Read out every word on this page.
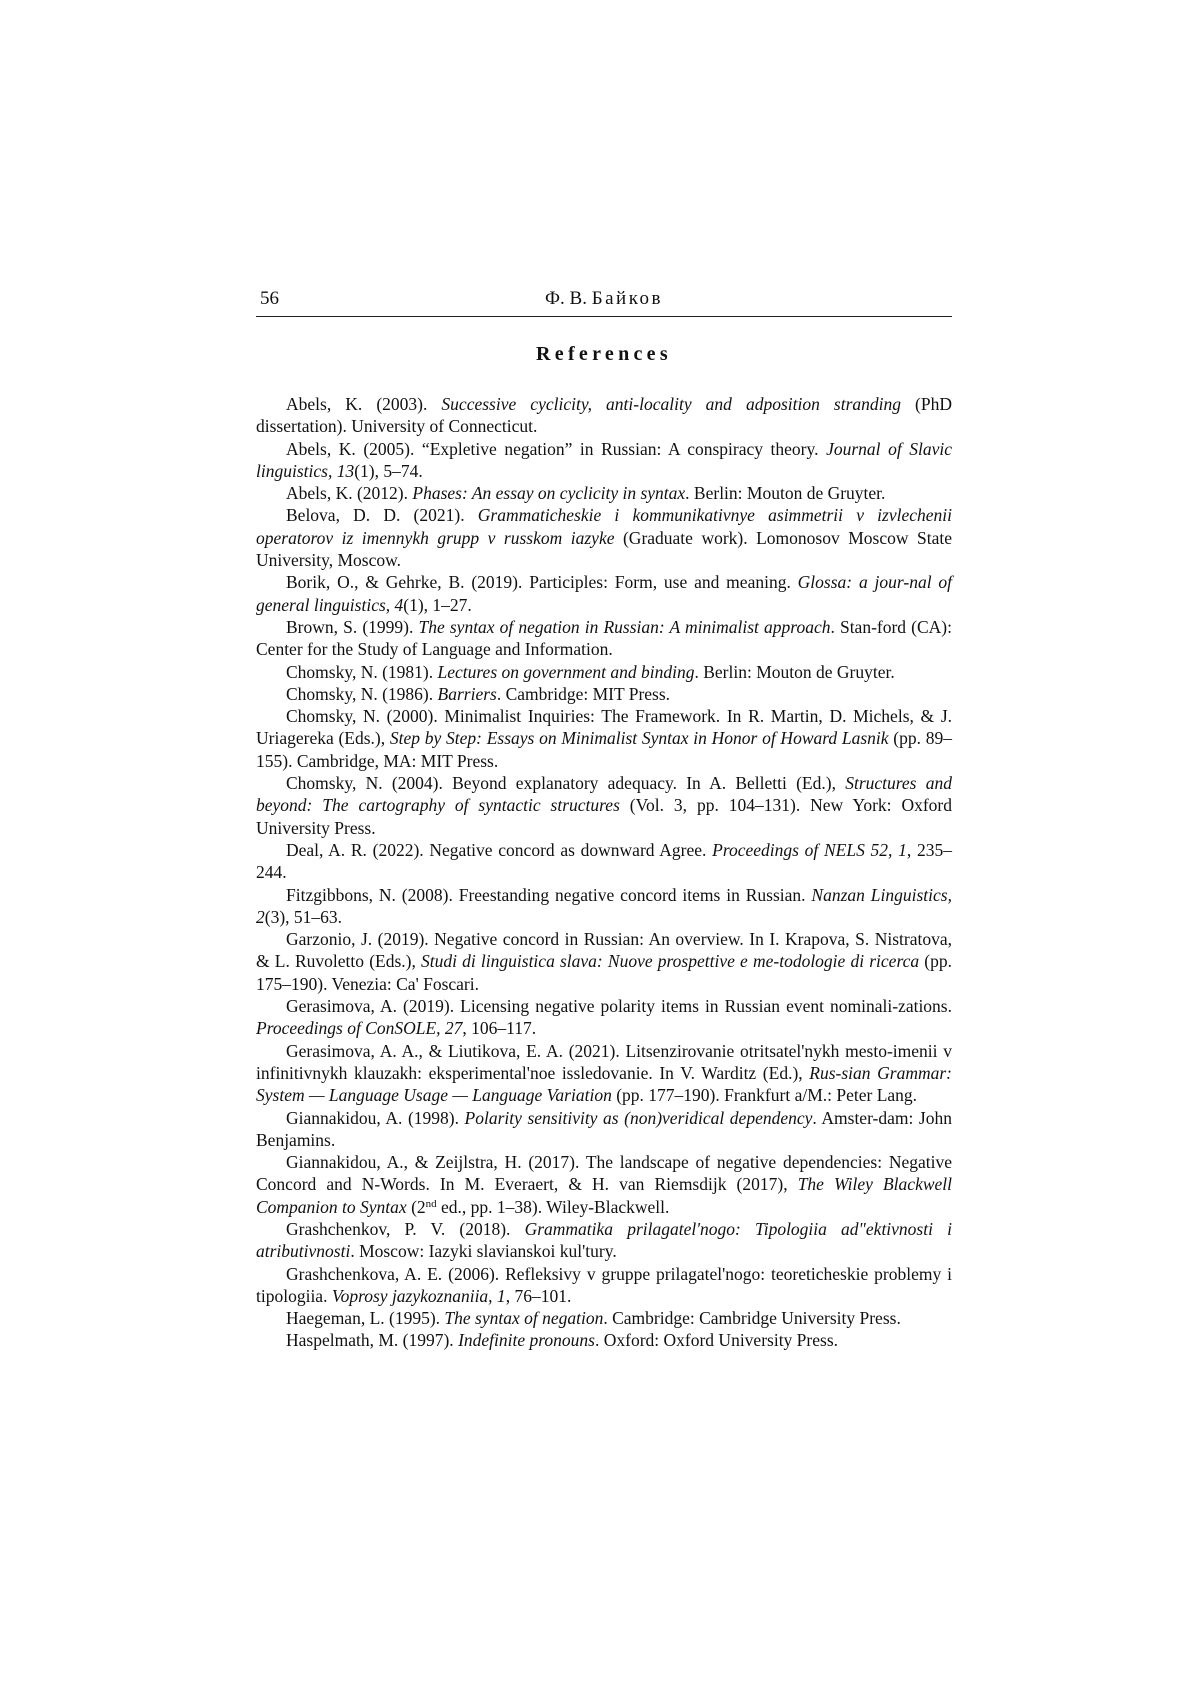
56	Ф. В. Байков
References

Abels, K. (2003). Successive cyclicity, anti-locality and adposition stranding (PhD dissertation). University of Connecticut.

Abels, K. (2005). “Expletive negation” in Russian: A conspiracy theory. Journal of Slavic linguistics, 13(1), 5–74.

Abels, K. (2012). Phases: An essay on cyclicity in syntax. Berlin: Mouton de Gruyter.

Belova, D. D. (2021). Grammaticheskie i kommunikativnye asimmetrii v izvlechenii operatorov iz imennykh grupp v russkom iazyke (Graduate work). Lomonosov Moscow State University, Moscow.

Borik, O., & Gehrke, B. (2019). Participles: Form, use and meaning. Glossa: a jour-nal of general linguistics, 4(1), 1–27.

Brown, S. (1999). The syntax of negation in Russian: A minimalist approach. Stan-ford (CA): Center for the Study of Language and Information.

Chomsky, N. (1981). Lectures on government and binding. Berlin: Mouton de Gruyter.

Chomsky, N. (1986). Barriers. Cambridge: MIT Press.

Chomsky, N. (2000). Minimalist Inquiries: The Framework. In R. Martin, D. Michels, & J. Uriagereka (Eds.), Step by Step: Essays on Minimalist Syntax in Honor of Howard Lasnik (pp. 89–155). Cambridge, MA: MIT Press.

Chomsky, N. (2004). Beyond explanatory adequacy. In A. Belletti (Ed.), Structures and beyond: The cartography of syntactic structures (Vol. 3, pp. 104–131). New York: Oxford University Press.

Deal, A. R. (2022). Negative concord as downward Agree. Proceedings of NELS 52, 1, 235–244.

Fitzgibbons, N. (2008). Freestanding negative concord items in Russian. Nanzan Linguistics, 2(3), 51–63.

Garzonio, J. (2019). Negative concord in Russian: An overview. In I. Krapova, S. Nistratova, & L. Ruvoletto (Eds.), Studi di linguistica slava: Nuove prospettive e me-todologie di ricerca (pp. 175–190). Venezia: Ca' Foscari.

Gerasimova, A. (2019). Licensing negative polarity items in Russian event nominali-zations. Proceedings of ConSOLE, 27, 106–117.

Gerasimova, A. A., & Liutikova, E. A. (2021). Litsenzirovanie otritsatel'nykh mesto-imenii v infinitivnykh klauzakh: eksperimental'noe issledovanie. In V. Warditz (Ed.), Rus-sian Grammar: System — Language Usage — Language Variation (pp. 177–190). Frankfurt a/M.: Peter Lang.

Giannakidou, A. (1998). Polarity sensitivity as (non)veridical dependency. Amster-dam: John Benjamins.

Giannakidou, A., & Zeijlstra, H. (2017). The landscape of negative dependencies: Negative Concord and N-Words. In M. Everaert, & H. van Riemsdijk (2017), The Wiley Blackwell Companion to Syntax (2nd ed., pp. 1–38). Wiley-Blackwell.

Grashchenkov, P. V. (2018). Grammatika prilagatel'nogo: Tipologiia ad"ektivnosti i atributivnosti. Moscow: Iazyki slavianskoi kul'tury.

Grashchenkova, A. E. (2006). Refleksivy v gruppe prilagatel'nogo: teoreticheskie problemy i tipologiia. Voprosy jazykoznaniia, 1, 76–101.

Haegeman, L. (1995). The syntax of negation. Cambridge: Cambridge University Press.

Haspelmath, M. (1997). Indefinite pronouns. Oxford: Oxford University Press.
